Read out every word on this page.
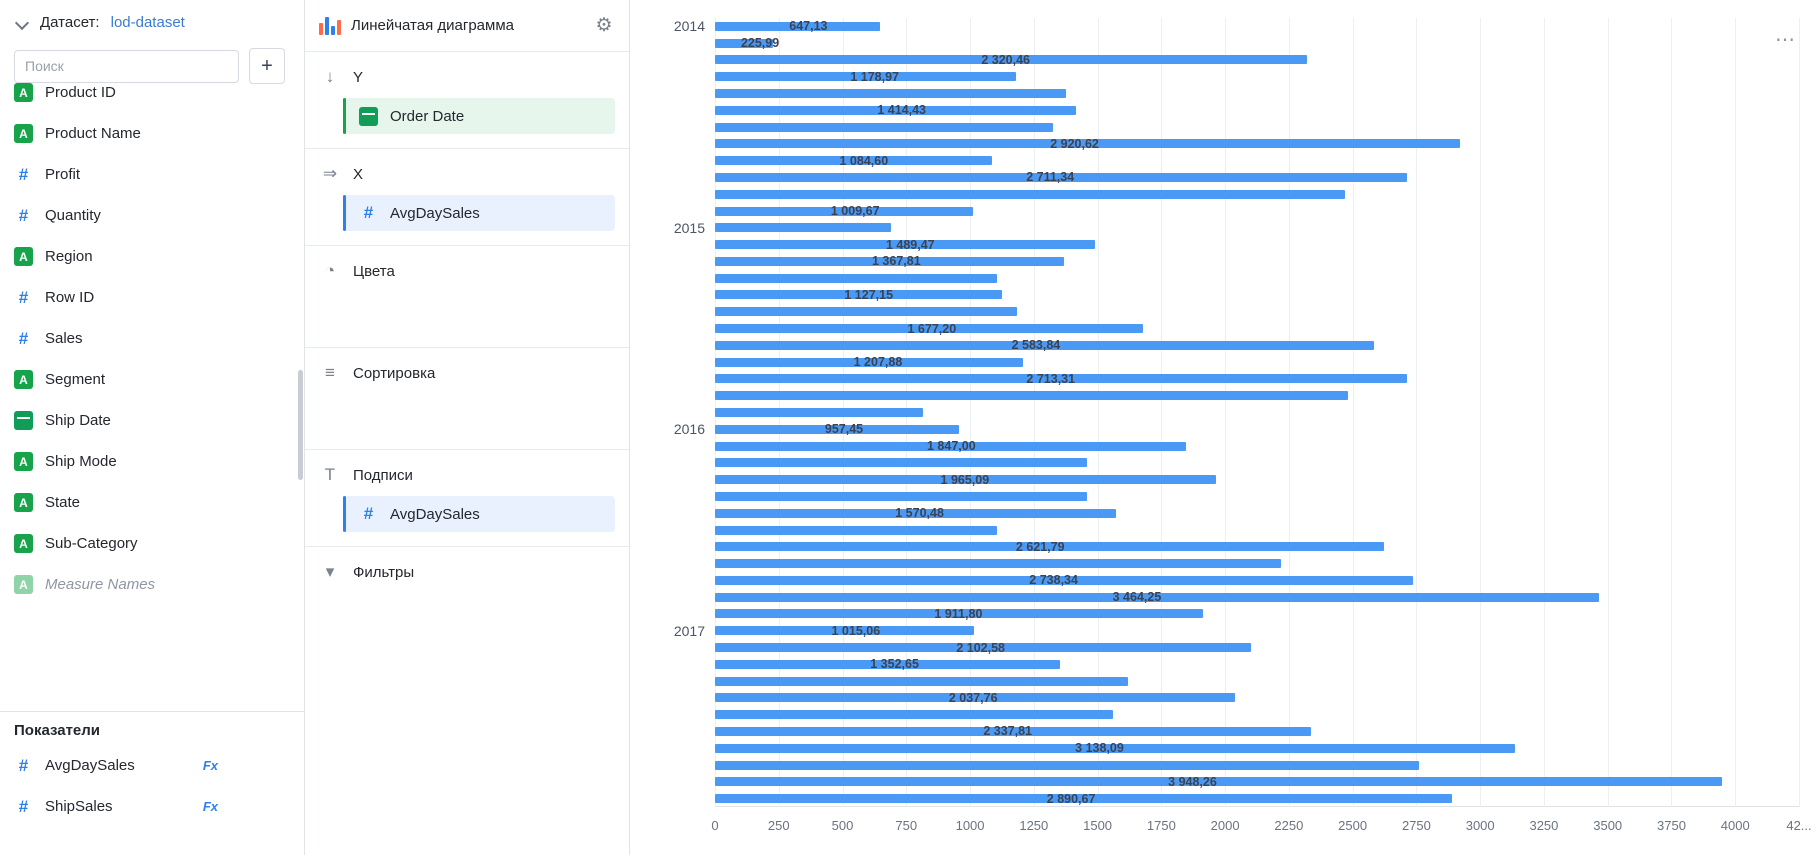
Датасет: lod-dataset
Поиск
+
A	Product ID
A	Product Name
#	Profit
#	Quantity
A	Region
#	Row ID
#	Sales
A	Segment
Ship Date
A	Ship Mode
A	State
A	Sub-Category
A	Measure Names
Показатели
#	AvgDaySales	Fx
#	ShipSales	Fx
Линейчатая диаграмма	⚙
↓	Y
Order Date
⇒ X
#	AvgDaySales
◔	Цвета
≡	Сортировка
T	Подписи
#	AvgDaySales
▾	Фильтры
⋯
0	250	500	750	1000	1250	1500	1750	2000	2250	2500	2750	3000	3250	3500	3750	4000	42...
647,13
225,99
2 320,46
1 178,97
1 414,43
2 920,62
1 084,60
2 711,34
1 009,67
1 489,47
1 367,81
1 127,15
1 677,20
2 583,84
1 207,88
2 713,31
957,45
1 847,00
1 965,09
1 570,48
2 621,79
2 738,34
3 464,25
1 911,80
1 015,06
2 102,58
1 352,65
2 037,76
2 337,81
3 138,09
3 948,26
2 890,67
2014
2015
2016
2017
